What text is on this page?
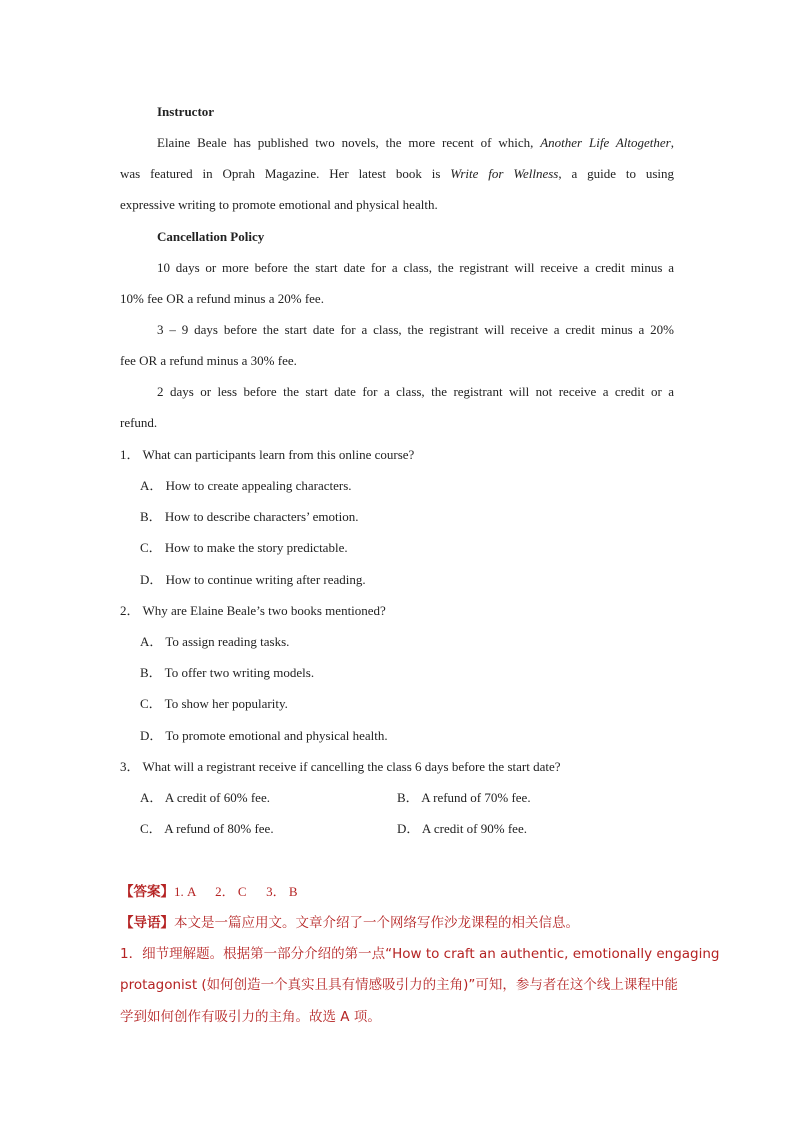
Instructor
Elaine Beale has published two novels, the more recent of which, Another Life Altogether,
was featured in Oprah Magazine. Her latest book is Write for Wellness, a guide to using
expressive writing to promote emotional and physical health.
Cancellation Policy
10 days or more before the start date for a class, the registrant will receive a credit minus a
10% fee OR a refund minus a 20% fee.
3 – 9 days before the start date for a class, the registrant will receive a credit minus a 20%
fee OR a refund minus a 30% fee.
2 days or less before the start date for a class, the registrant will not receive a credit or a
refund.
1． What can participants learn from this online course?
A． How to create appealing characters.
B． How to describe characters’ emotion.
C． How to make the story predictable.
D． How to continue writing after reading.
2． Why are Elaine Beale’s two books mentioned?
A． To assign reading tasks.
B． To offer two writing models.
C． To show her popularity.
D． To promote emotional and physical health.
3． What will a registrant receive if cancelling the class 6 days before the start date?
A． A credit of 60% fee.	B． A refund of 70% fee.
C． A refund of 80% fee.	D． A credit of 90% fee.
【答案】1. A      2． C      3． B
【导语】本文是一篇应用文。文章介绍了一个网络写作沙龙课程的相关信息。
1．细节理解题。根据第一部分介绍的第一点“How to craft an authentic, emotionally engaging
protagonist (如何创造一个真实且具有情感吸引力的主角)”可知，参与者在这个线上课程中能
学到如何创作有吸引力的主角。故选 A 项。
